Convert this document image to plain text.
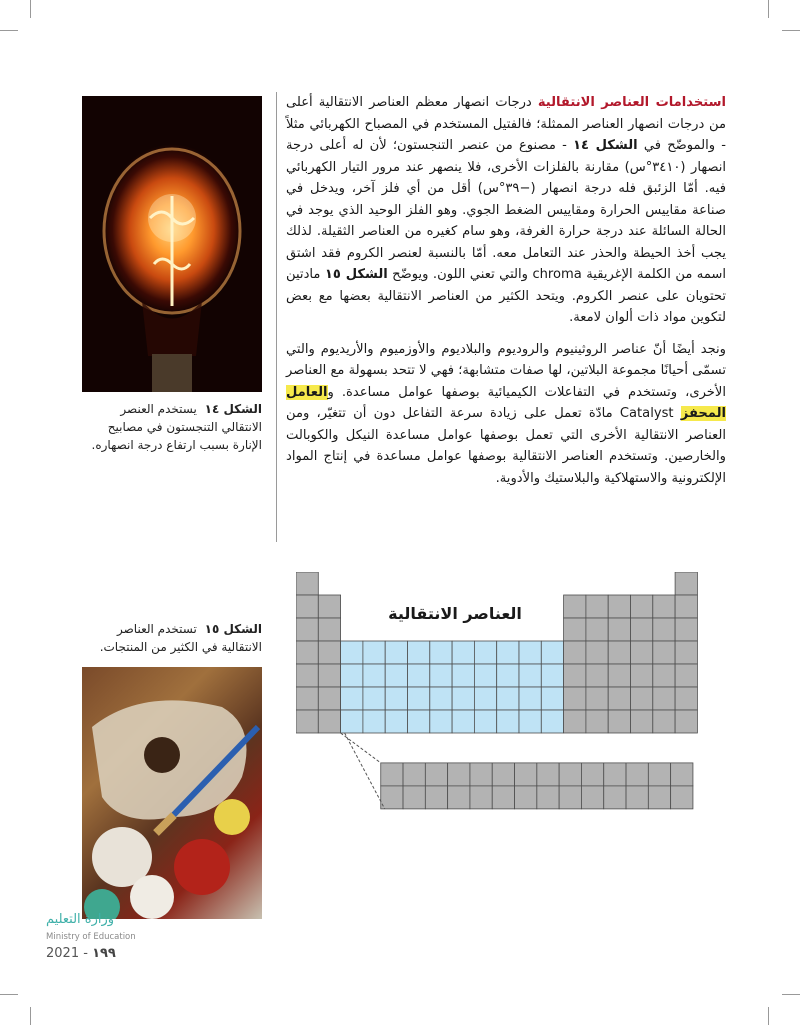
استخدامات العناصر الانتقالية درجات انصهار معظم العناصر الانتقالية أعلى من درجات انصهار العناصر الممثلة؛ فالفتيل المستخدم في المصباح الكهربائي مثلاً - والموضّح في الشكل ١٤ - مصنوع من عنصر التنجستون؛ لأن له أعلى درجة انصهار (٣٤١٠°س) مقارنة بالفلزات الأخرى، فلا ينصهر عند مرور التيار الكهربائي فيه. أمّا الزئبق فله درجة انصهار (−٣٩°س) أقل من أي فلز آخر، ويدخل في صناعة مقاييس الحرارة ومقاييس الضغط الجوي. وهو الفلز الوحيد الذي يوجد في الحالة السائلة عند درجة حرارة الغرفة، وهو سام كغيره من العناصر الثقيلة. لذلك يجب أخذ الحيطة والحذر عند التعامل معه. أمّا بالنسبة لعنصر الكروم فقد اشتق اسمه من الكلمة الإغريقية chroma والتي تعني اللون. ويوضّح الشكل ١٥ مادتين تحتويان على عنصر الكروم. ويتحد الكثير من العناصر الانتقالية بعضها مع بعض لتكوين مواد ذات ألوان لامعة.

ونجد أيضًا أنّ عناصر الروثينيوم والروديوم والبلاديوم والأوزميوم والأريديوم والتي تسمّى أحيانًا مجموعة البلاتين، لها صفات متشابهة؛ فهي لا تتحد بسهولة مع العناصر الأخرى، وتستخدم في التفاعلات الكيميائية بوصفها عوامل مساعدة. والعامل المحفز Catalyst مادّة تعمل على زيادة سرعة التفاعل دون أن تتغيّر، ومن العناصر الانتقالية الأخرى التي تعمل بوصفها عوامل مساعدة النيكل والكوبالت والخارصين. وتستخدم العناصر الانتقالية بوصفها عوامل مساعدة في إنتاج المواد الإلكترونية والاستهلاكية والبلاستيك والأدوية.

الشكل ١٤ يستخدم العنصر الانتقالي التنجستون في مصابيح الإنارة بسبب ارتفاع درجة انصهاره.
الشكل ١٥ تستخدم العناصر الانتقالية في الكثير من المنتجات.
العناصر الانتقالية
وزارة التعليم
Ministry of Education
2021 - ١٩٩
